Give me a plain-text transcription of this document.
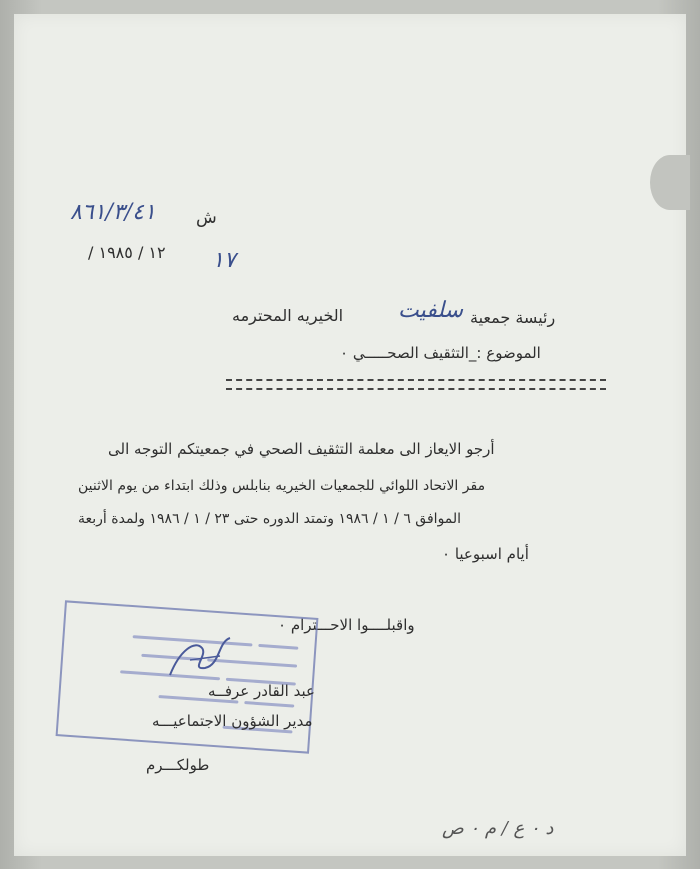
ش
٨٦١/٣/٤١
١٧
/ ١٢ / ١٩٨٥
رئيسة جمعية
سلفيت
الخيريه المحترمه
الموضوع :_التثقيف الصحـــــي ٠
أرجو الايعاز الى معلمة التثقيف الصحي في جمعيتكم التوجه الى
مقر الاتحاد اللوائي للجمعيات الخيريه بنابلس وذلك ابتداء من يوم الاثنين
الموافق ٦ / ١ / ١٩٨٦ وتمتد الدوره حتى ٢٣ / ١ / ١٩٨٦ ولمدة أربعة
أيام اسبوعيا ٠
واقبلــــوا الاحـــترام ٠
عبد القادر عرفــه
مدير الشؤون الاجتماعيـــه
طولكـــرم
د ٠ ع / م ٠ ص
